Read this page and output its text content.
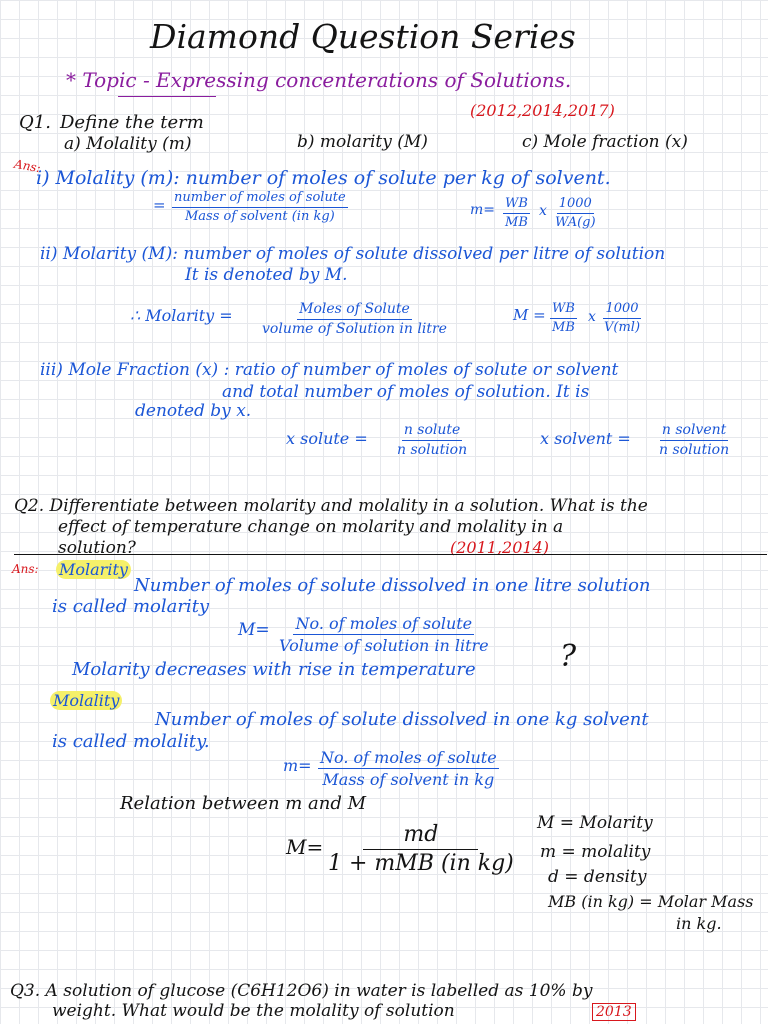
Diamond Question Series
* Topic - Expressing concenterations of Solutions.
Q1. Define the term
(2012,2014,2017)
a) Molality (m)	b) molarity (M)	c) Mole fraction (x)
Ans:
i) Molality (m): number of moles of solute per kg of solvent.
= number of moles of solute
Mass of solvent (in kg)	$m= \frac{WB}{MB}$ x $\frac{1000}{WA(g)}$
ii) Molarity (M): number of moles of solute dissolved per litre of solution
It is denoted by M.
∴ Molarity =	Moles of Solute
volume of Solution in litre
$M = \frac{WB}{MB}$ x $\frac{1000}{V(ml)}$
iii) Mole Fraction (x) : ratio of number of moles of solute or solvent
and total number of moles of solution. It is
denoted by x.
x solute =	n solute
n solution
x solvent = n solvent
n solution
Q2. Differentiate between molarity and molality in a solution. What is the
effect of temperature change on molarity and molality in a
solution?	(2011,2014)
Ans: Molarity
Number of moles of solute dissolved in one litre solution
is called molarity
M= No. of moles of solute
Volume of solution in litre
Molarity decreases with rise in temperature	?
Molality
Number of moles of solute dissolved in one kg solvent
is called molality.
m= No. of moles of solute
Mass of solvent in kg
Relation between m and M
M=	md
1 + mMB (in kg)
M = Molarity
m = molality
d = density
MB (in kg) = Molar Mass
in kg.
Q3. A solution of glucose (C6H12O6) in water is labelled as 10% by
weight. What would be the molality of solution	2013
